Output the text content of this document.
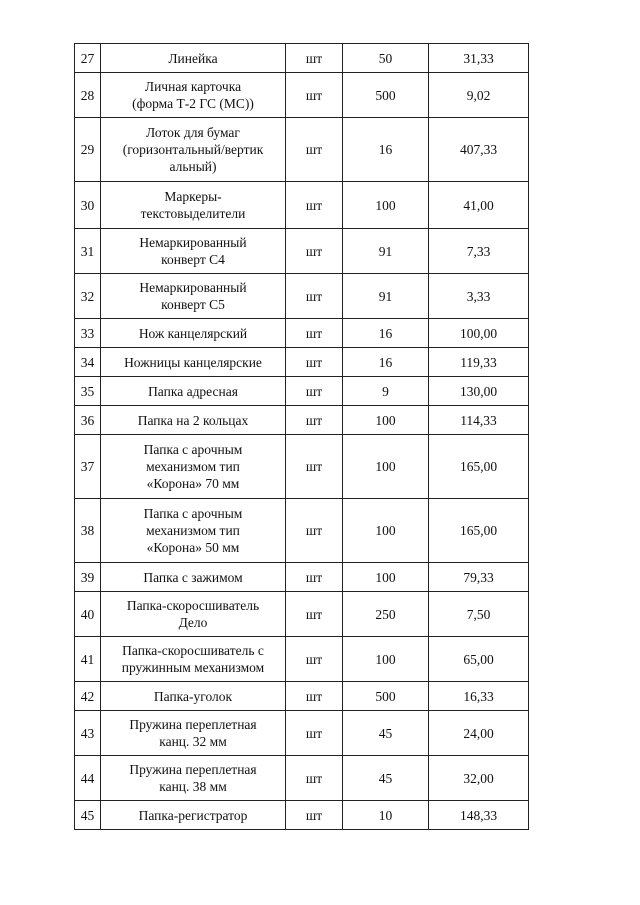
27	Линейка	шт	50	31,33
28	Личная карточка
(форма Т-2 ГС (МС))	шт	500	9,02
29	Лоток для бумаг
(горизонтальный/вертик
альный)	шт	16	407,33
30	Маркеры-
текстовыделители	шт	100	41,00
31	Немаркированный
конверт С4	шт	91	7,33
32	Немаркированный
конверт С5	шт	91	3,33
33	Нож канцелярский	шт	16	100,00
34	Ножницы канцелярские	шт	16	119,33
35	Папка адресная	шт	9	130,00
36	Папка на 2 кольцах	шт	100	114,33
37	Папка с арочным
механизмом тип
«Корона» 70 мм	шт	100	165,00
38	Папка с арочным
механизмом тип
«Корона» 50 мм	шт	100	165,00
39	Папка с зажимом	шт	100	79,33
40	Папка-скоросшиватель
Дело	шт	250	7,50
41	Папка-скоросшиватель с
пружинным механизмом	шт	100	65,00
42	Папка-уголок	шт	500	16,33
43	Пружина переплетная
канц. 32 мм	шт	45	24,00
44	Пружина переплетная
канц. 38 мм	шт	45	32,00
45	Папка-регистратор	шт	10	148,33
